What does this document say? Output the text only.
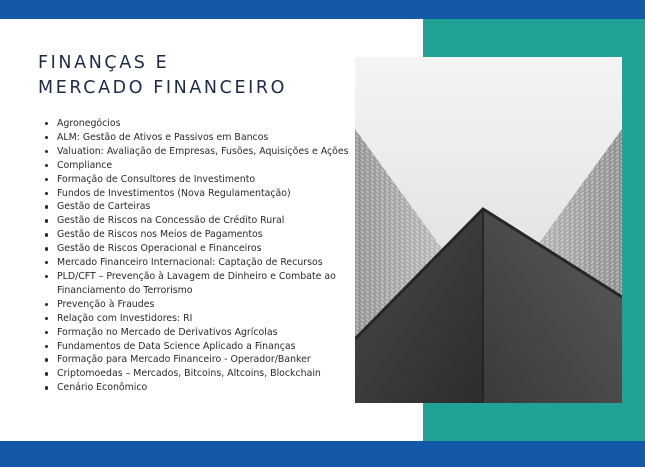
FINANÇAS E
MERCADO FINANCEIRO
Agronegócios
ALM: Gestão de Ativos e Passivos em Bancos
Valuation: Avaliação de Empresas, Fusões, Aquisições e Ações
Compliance
Formação de Consultores de Investimento
Fundos de Investimentos (Nova Regulamentação)
Gestão de Carteiras
Gestão de Riscos na Concessão de Crédito Rural
Gestão de Riscos nos Meios de Pagamentos
Gestão de Riscos Operacional e Financeiros
Mercado Financeiro Internacional: Captação de Recursos
PLD/CFT – Prevenção à Lavagem de Dinheiro e Combate ao Financiamento do Terrorismo
Prevenção à Fraudes
Relação com Investidores: RI
Formação no Mercado de Derivativos Agrícolas
Fundamentos de Data Science Aplicado a Finanças
Formação para Mercado Financeiro - Operador/Banker
Criptomoedas – Mercados, Bitcoins, Altcoins, Blockchain
Cenário Econômico
